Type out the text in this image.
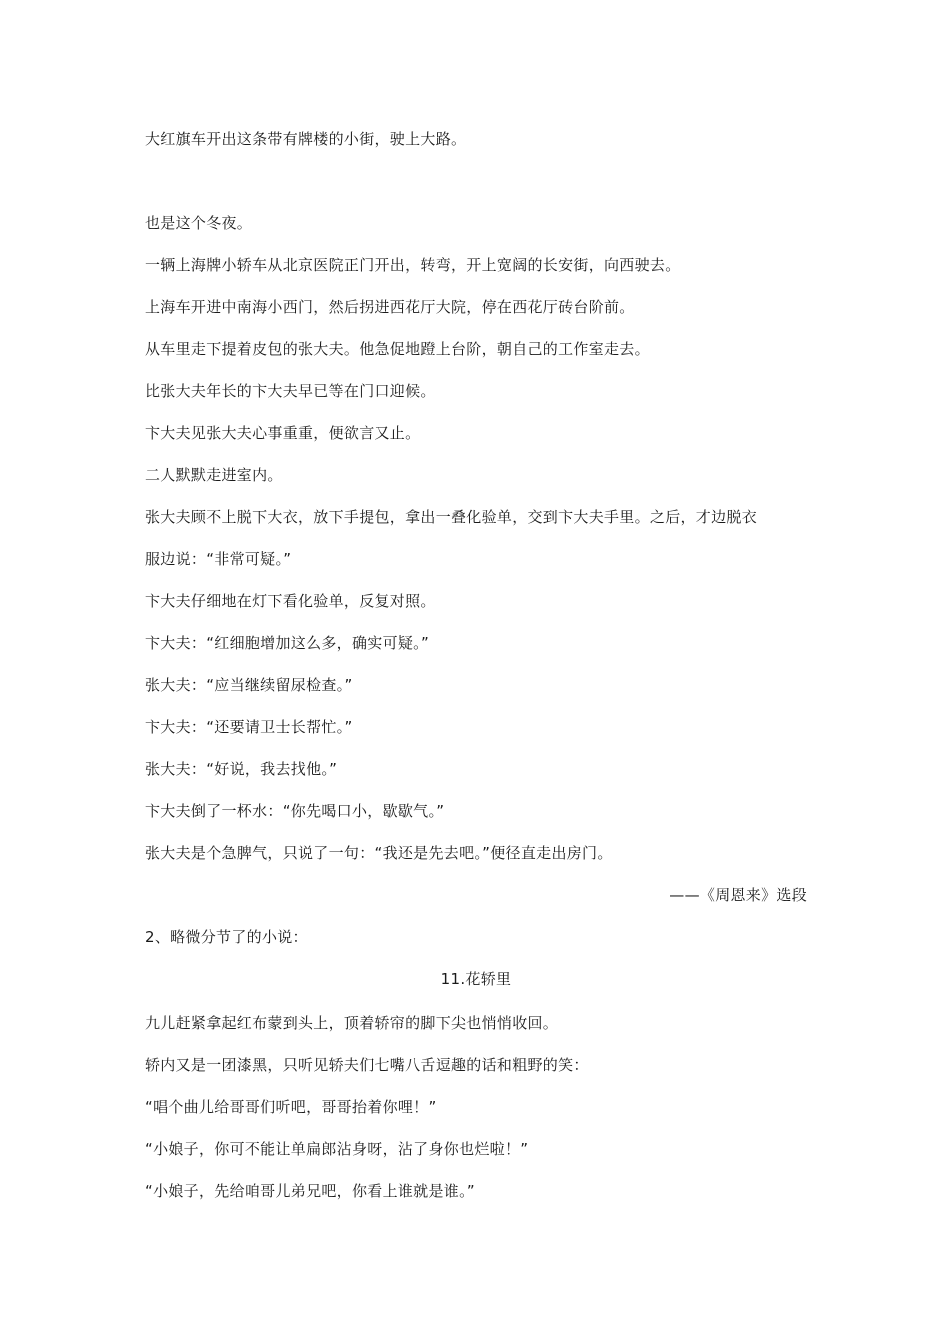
大红旗车开出这条带有牌楼的小街，驶上大路。
也是这个冬夜。
一辆上海牌小轿车从北京医院正门开出，转弯，开上宽阔的长安街，向西驶去。
上海车开进中南海小西门，然后拐进西花厅大院，停在西花厅砖台阶前。
从车里走下提着皮包的张大夫。他急促地蹬上台阶，朝自己的工作室走去。
比张大夫年长的卞大夫早已等在门口迎候。
卞大夫见张大夫心事重重，便欲言又止。
二人默默走进室内。
张大夫顾不上脱下大衣，放下手提包，拿出一叠化验单，交到卞大夫手里。之后，才边脱衣
服边说：“非常可疑。”
卞大夫仔细地在灯下看化验单，反复对照。
卞大夫：“红细胞增加这么多，确实可疑。”
张大夫：“应当继续留尿检查。”
卞大夫：“还要请卫士长帮忙。”
张大夫：“好说，我去找他。”
卞大夫倒了一杯水：“你先喝口小，歇歇气。”
张大夫是个急脾气，只说了一句：“我还是先去吧。”便径直走出房门。
——《周恩来》选段
2、略微分节了的小说：
11.花轿里
九儿赶紧拿起红布蒙到头上，顶着轿帘的脚下尖也悄悄收回。
轿内又是一团漆黑，只听见轿夫们七嘴八舌逗趣的话和粗野的笑：
“唱个曲儿给哥哥们听吧，哥哥抬着你哩！”
“小娘子，你可不能让单扁郎沾身呀，沾了身你也烂啦！”
“小娘子，先给咱哥儿弟兄吧，你看上谁就是谁。”
